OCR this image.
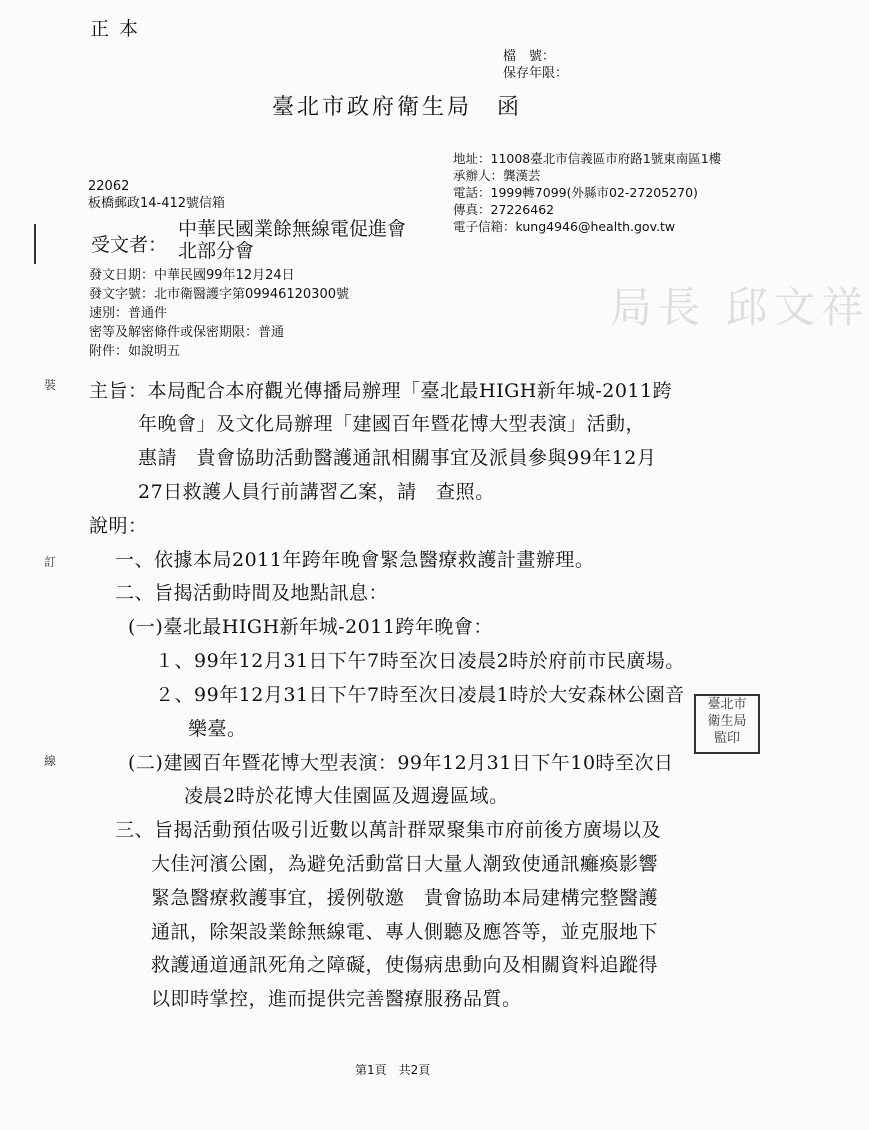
正本
檔　號：
保存年限：
臺北市政府衛生局　函
地址：11008臺北市信義區市府路1號東南區1樓
承辦人：龔漢芸
電話：1999轉7099(外縣市02-27205270)
傳真：27226462
電子信箱：kung4946@health.gov.tw
22062
板橋郵政14-412號信箱
受文者：
中華民國業餘無線電促進會
北部分會
發文日期：中華民國99年12月24日
發文字號：北市衛醫護字第09946120300號
速別：普通件
密等及解密條件或保密期限：普通
附件：如說明五
局長 邱文祥
裝
訂
線
主旨：本局配合本府觀光傳播局辦理「臺北最HIGH新年城-2011跨
年晚會」及文化局辦理「建國百年暨花博大型表演」活動，
惠請　貴會協助活動醫護通訊相關事宜及派員參與99年12月
27日救護人員行前講習乙案，請　查照。
說明：
一、依據本局2011年跨年晚會緊急醫療救護計畫辦理。
二、旨揭活動時間及地點訊息：
(一)臺北最HIGH新年城-2011跨年晚會：
１、99年12月31日下午7時至次日凌晨2時於府前市民廣場。
２、99年12月31日下午7時至次日凌晨1時於大安森林公園音
樂臺。
(二)建國百年暨花博大型表演：99年12月31日下午10時至次日
凌晨2時於花博大佳園區及週邊區域。
三、旨揭活動預估吸引近數以萬計群眾聚集市府前後方廣場以及
大佳河濱公園，為避免活動當日大量人潮致使通訊癱瘓影響
緊急醫療救護事宜，援例敬邀　貴會協助本局建構完整醫護
通訊，除架設業餘無線電、專人側聽及應答等，並克服地下
救護通道通訊死角之障礙，使傷病患動向及相關資料追蹤得
以即時掌控，進而提供完善醫療服務品質。
臺北市
衛生局
監印
第1頁　共2頁
